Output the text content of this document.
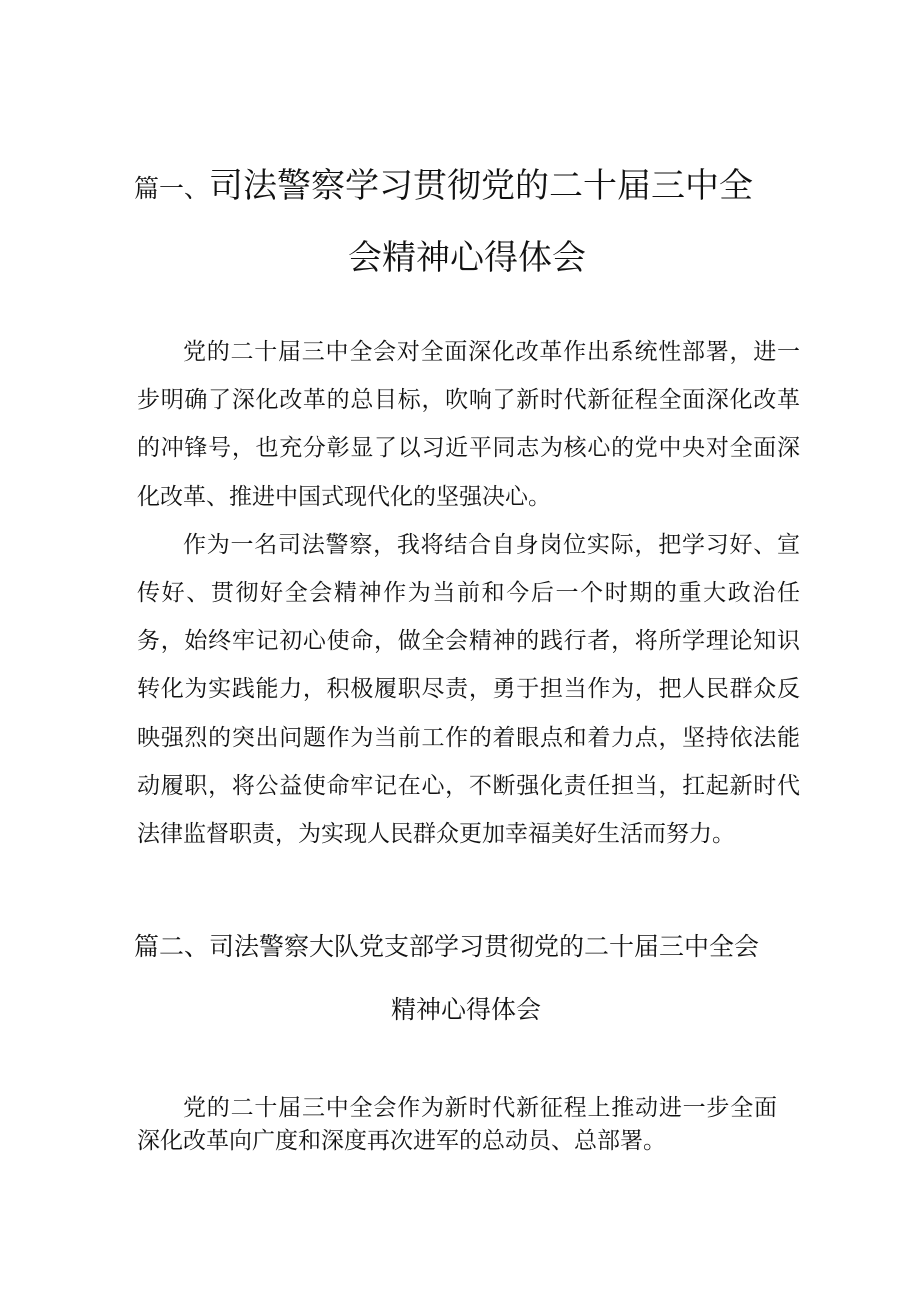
篇一、司法警察学习贯彻党的二十届三中全
会精神心得体会

党的二十届三中全会对全面深化改革作出系统性部署，进一步明确了深化改革的总目标，吹响了新时代新征程全面深化改革的冲锋号，也充分彰显了以习近平同志为核心的党中央对全面深化改革、推进中国式现代化的坚强决心。

作为一名司法警察，我将结合自身岗位实际，把学习好、宣传好、贯彻好全会精神作为当前和今后一个时期的重大政治任务，始终牢记初心使命，做全会精神的践行者，将所学理论知识转化为实践能力，积极履职尽责，勇于担当作为，把人民群众反映强烈的突出问题作为当前工作的着眼点和着力点，坚持依法能动履职，将公益使命牢记在心，不断强化责任担当，扛起新时代法律监督职责，为实现人民群众更加幸福美好生活而努力。

篇二、司法警察大队党支部学习贯彻党的二十届三中全会
精神心得体会

党的二十届三中全会作为新时代新征程上推动进一步全面深化改革向广度和深度再次进军的总动员、总部署。
